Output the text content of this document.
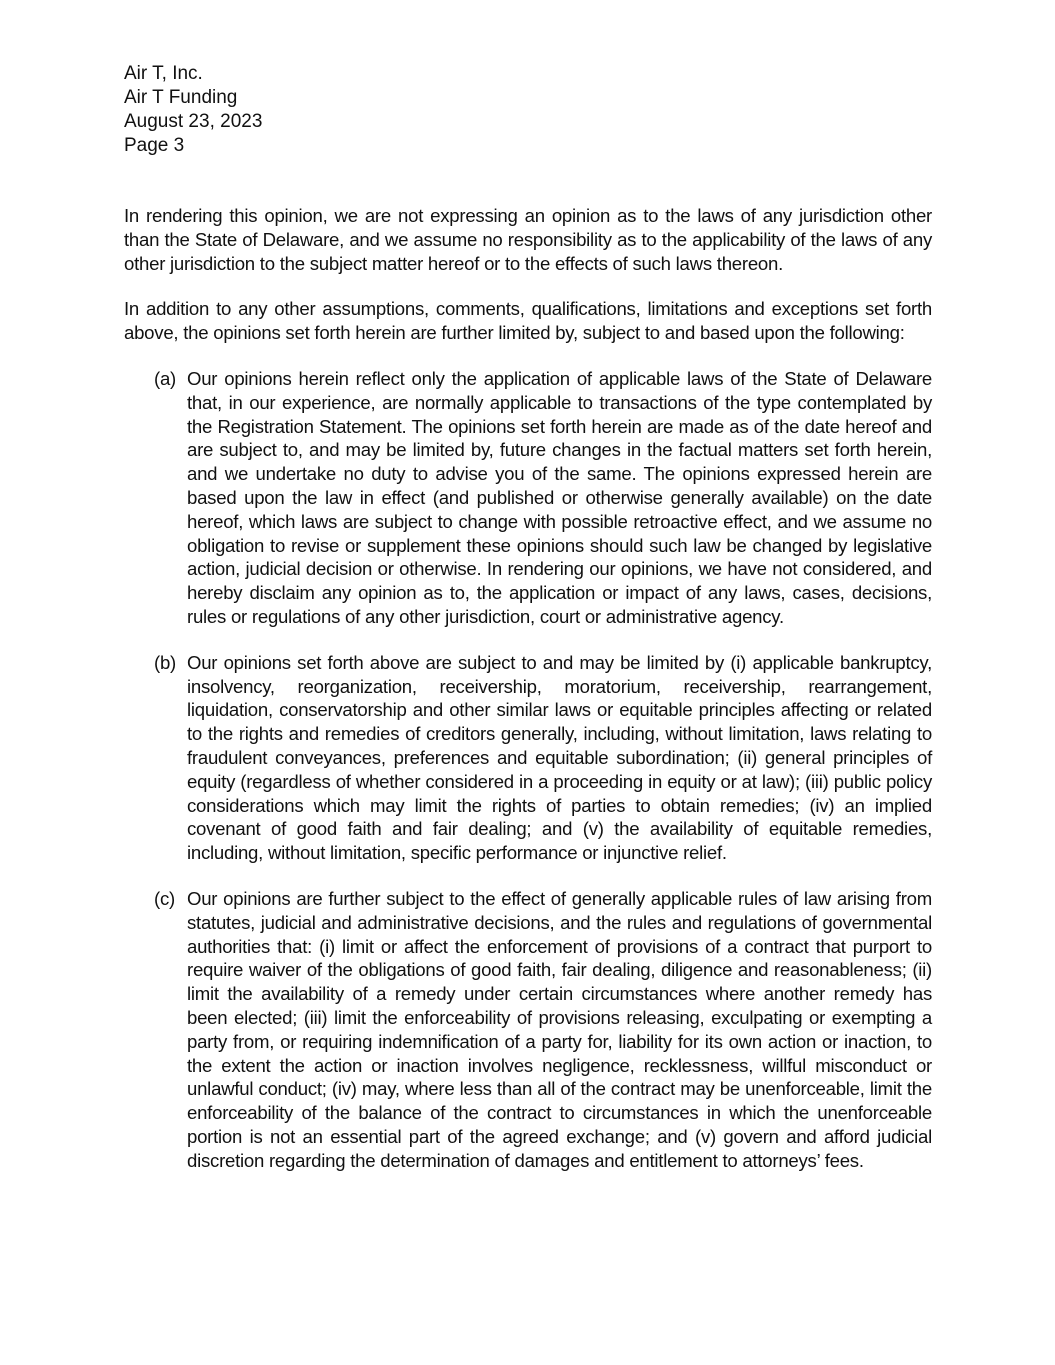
Air T, Inc.
Air T Funding
August 23, 2023
Page 3

In rendering this opinion, we are not expressing an opinion as to the laws of any jurisdiction other than the State of Delaware, and we assume no responsibility as to the applicability of the laws of any other jurisdiction to the subject matter hereof or to the effects of such laws thereon.

In addition to any other assumptions, comments, qualifications, limitations and exceptions set forth above, the opinions set forth herein are further limited by, subject to and based upon the following:

(a) Our opinions herein reflect only the application of applicable laws of the State of Delaware that, in our experience, are normally applicable to transactions of the type contemplated by the Registration Statement. The opinions set forth herein are made as of the date hereof and are subject to, and may be limited by, future changes in the factual matters set forth herein, and we undertake no duty to advise you of the same. The opinions expressed herein are based upon the law in effect (and published or otherwise generally available) on the date hereof, which laws are subject to change with possible retroactive effect, and we assume no obligation to revise or supplement these opinions should such law be changed by legislative action, judicial decision or otherwise. In rendering our opinions, we have not considered, and hereby disclaim any opinion as to, the application or impact of any laws, cases, decisions, rules or regulations of any other jurisdiction, court or administrative agency.
(b) Our opinions set forth above are subject to and may be limited by (i) applicable bankruptcy, insolvency, reorganization, receivership, moratorium, receivership, rearrangement, liquidation, conservatorship and other similar laws or equitable principles affecting or related to the rights and remedies of creditors generally, including, without limitation, laws relating to fraudulent conveyances, preferences and equitable subordination; (ii) general principles of equity (regardless of whether considered in a proceeding in equity or at law); (iii) public policy considerations which may limit the rights of parties to obtain remedies; (iv) an implied covenant of good faith and fair dealing; and (v) the availability of equitable remedies, including, without limitation, specific performance or injunctive relief.
(c) Our opinions are further subject to the effect of generally applicable rules of law arising from statutes, judicial and administrative decisions, and the rules and regulations of governmental authorities that: (i) limit or affect the enforcement of provisions of a contract that purport to require waiver of the obligations of good faith, fair dealing, diligence and reasonableness; (ii) limit the availability of a remedy under certain circumstances where another remedy has been elected; (iii) limit the enforceability of provisions releasing, exculpating or exempting a party from, or requiring indemnification of a party for, liability for its own action or inaction, to the extent the action or inaction involves negligence, recklessness, willful misconduct or unlawful conduct; (iv) may, where less than all of the contract may be unenforceable, limit the enforceability of the balance of the contract to circumstances in which the unenforceable portion is not an essential part of the agreed exchange; and (v) govern and afford judicial discretion regarding the determination of damages and entitlement to attorneys’ fees.
